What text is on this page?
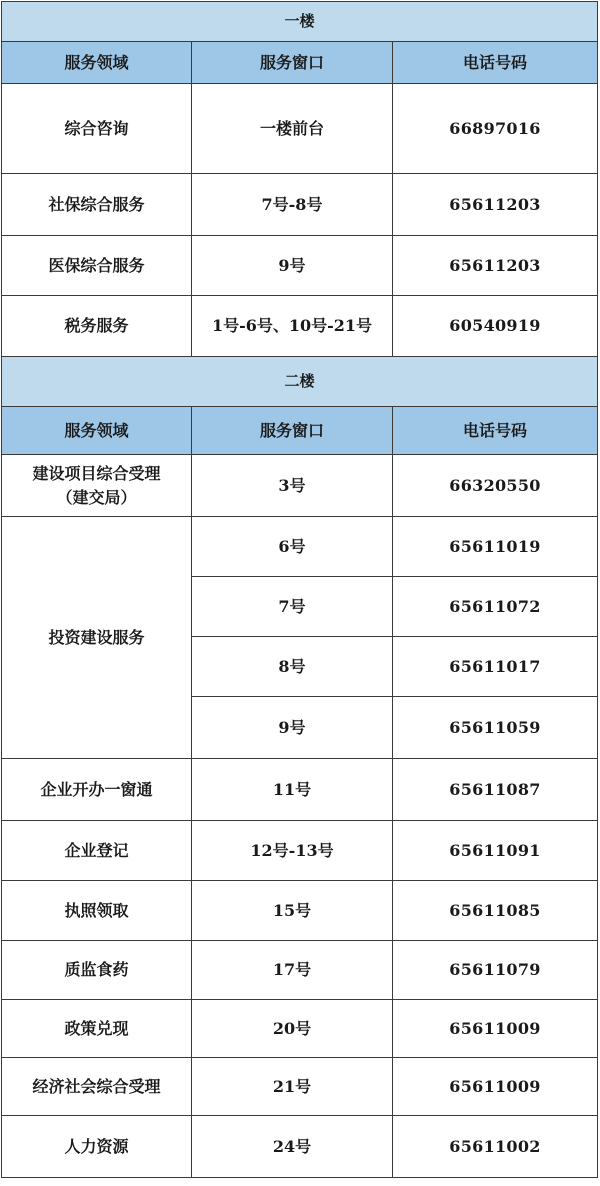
一楼		
服务领域	服务窗口	电话号码
综合咨询	一楼前台	66897016
社保综合服务	7号-8号	65611203
医保综合服务	9号	65611203
税务服务	1号-6号、10号-21号	60540919
二楼		
服务领域	服务窗口	电话号码
建设项目综合受理
（建交局）	3号	66320550
投资建设服务	6号	65611019
	7号	65611072
	8号	65611017
	9号	65611059
企业开办一窗通	11号	65611087
企业登记	12号-13号	65611091
执照领取	15号	65611085
质监食药	17号	65611079
政策兑现	20号	65611009
经济社会综合受理	21号	65611009
人力资源	24号	65611002
